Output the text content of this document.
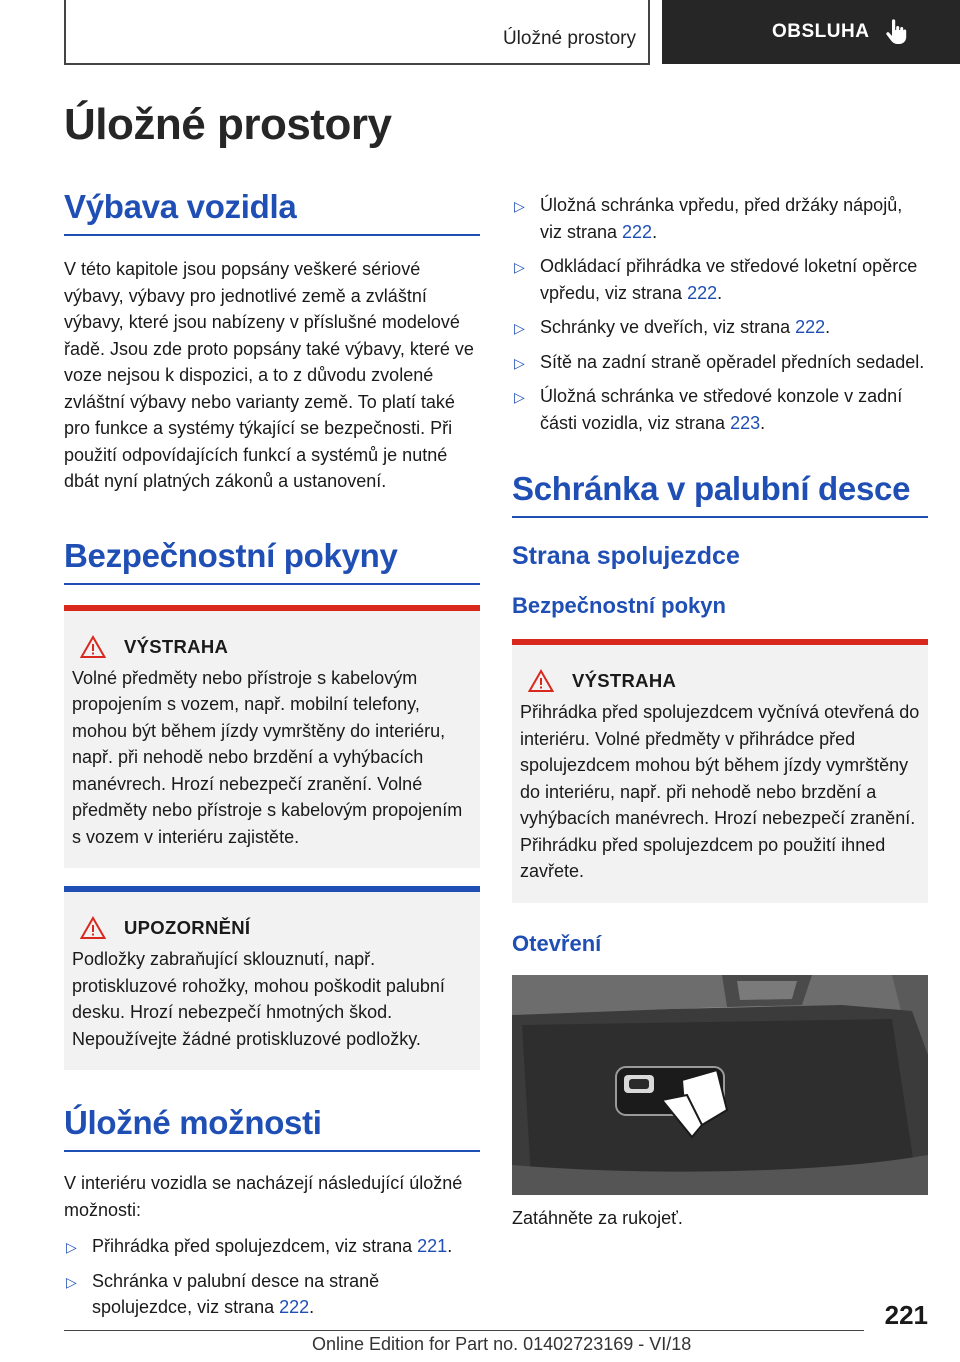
Úložné prostory	OBSLUHA
Úložné prostory
Výbava vozidla
V této kapitole jsou popsány veškeré sériové výbavy, výbavy pro jednotlivé země a zvláštní výbavy, které jsou nabízeny v příslušné modelové řadě. Jsou zde proto popsány také výbavy, které ve voze nejsou k dispozici, a to z důvodu zvolené zvláštní výbavy nebo varianty země. To platí také pro funkce a systémy týkající se bezpečnosti. Při použití odpovídajících funkcí a systémů je nutné dbát nyní platných zákonů a ustanovení.
Bezpečnostní pokyny
VÝSTRAHA
Volné předměty nebo přístroje s kabelovým propojením s vozem, např. mobilní telefony, mohou být během jízdy vymrštěny do interiéru, např. při nehodě nebo brzdění a vyhýbacích manévrech. Hrozí nebezpečí zranění. Volné předměty nebo přístroje s kabelovým propojením s vozem v interiéru zajistěte.
UPOZORNĚNÍ
Podložky zabraňující sklouznutí, např. protiskluzové rohožky, mohou poškodit palubní desku. Hrozí nebezpečí hmotných škod. Nepoužívejte žádné protiskluzové podložky.
Úložné možnosti
V interiéru vozidla se nacházejí následující úložné možnosti:
▷ Přihrádka před spolujezdcem, viz strana 221.
▷ Schránka v palubní desce na straně spolujezdce, viz strana 222.
▷ Úložná schránka vpředu, před držáky nápojů, viz strana 222.
▷ Odkládací přihrádka ve středové loketní opěrce vpředu, viz strana 222.
▷ Schránky ve dveřích, viz strana 222.
▷ Sítě na zadní straně opěradel předních sedadel.
▷ Úložná schránka ve středové konzole v zadní části vozidla, viz strana 223.
Schránka v palubní desce
Strana spolujezdce
Bezpečnostní pokyn
VÝSTRAHA
Přihrádka před spolujezdcem vyčnívá otevřená do interiéru. Volné předměty v přihrádce před spolujezdcem mohou být během jízdy vymrštěny do interiéru, např. při nehodě nebo brzdění a vyhýbacích manévrech. Hrozí nebezpečí zranění. Přihrádku před spolujezdcem po použití ihned zavřete.
Otevření
Zatáhněte za rukojeť.
221
Online Edition for Part no. 01402723169 - VI/18
